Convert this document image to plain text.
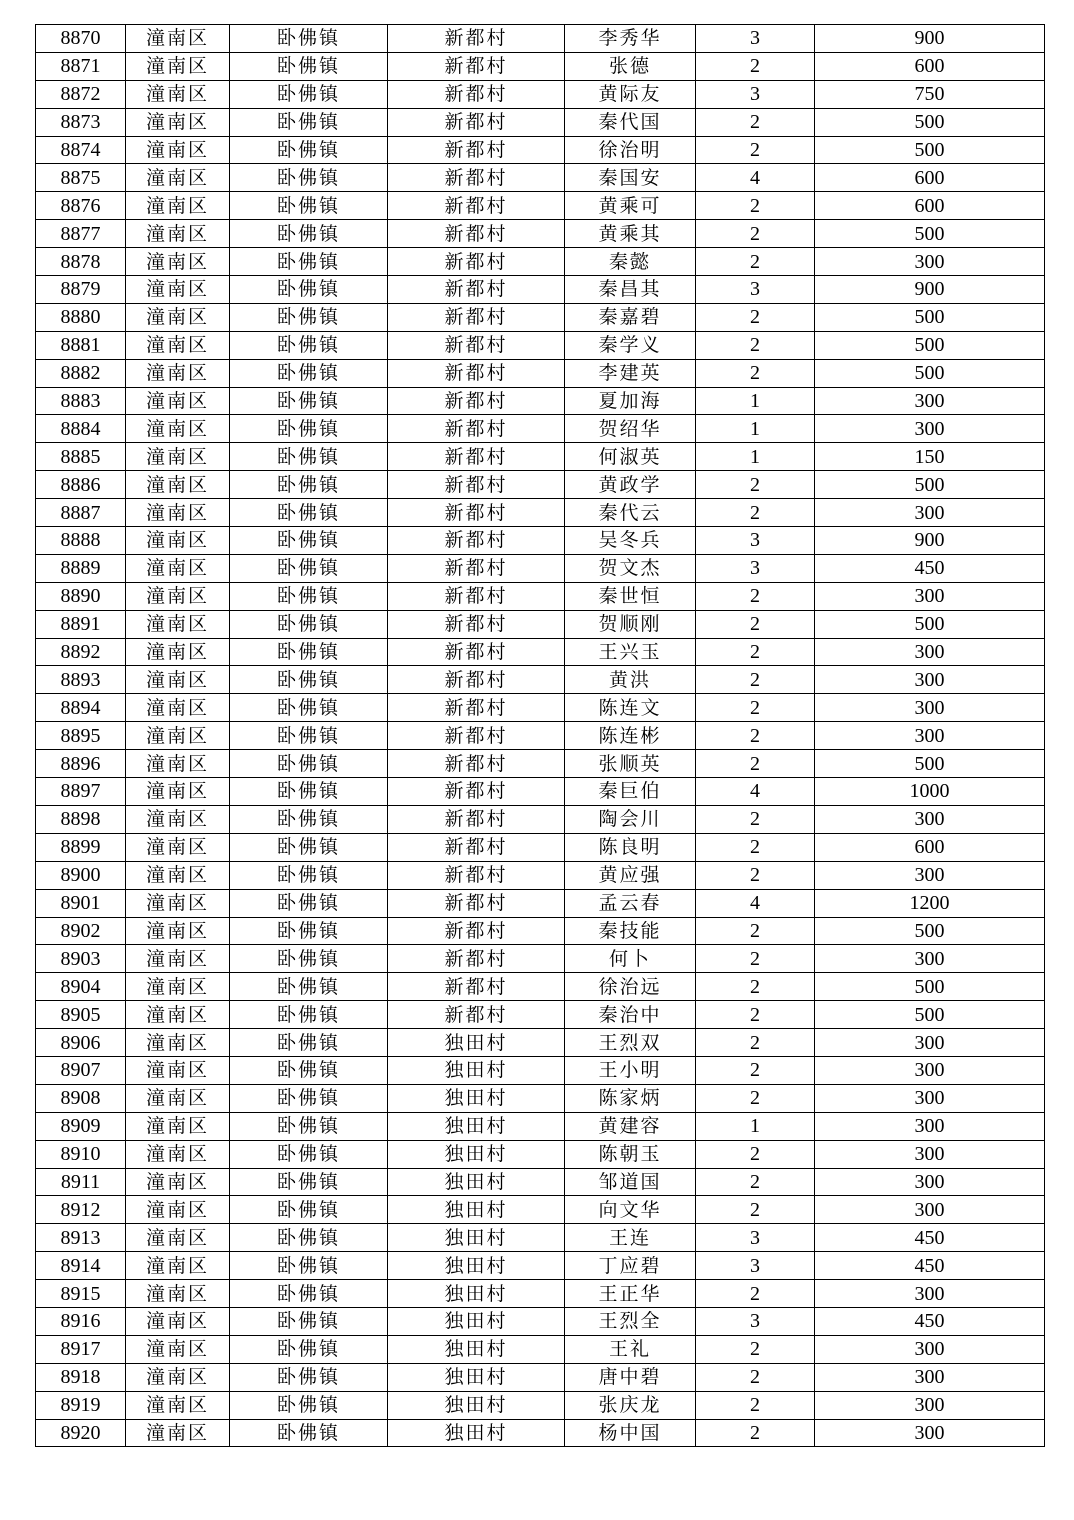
8870	潼南区	卧佛镇	新都村	李秀华	3	900
8871	潼南区	卧佛镇	新都村	张德	2	600
8872	潼南区	卧佛镇	新都村	黄际友	3	750
8873	潼南区	卧佛镇	新都村	秦代国	2	500
8874	潼南区	卧佛镇	新都村	徐治明	2	500
8875	潼南区	卧佛镇	新都村	秦国安	4	600
8876	潼南区	卧佛镇	新都村	黄乘可	2	600
8877	潼南区	卧佛镇	新都村	黄乘其	2	500
8878	潼南区	卧佛镇	新都村	秦懿	2	300
8879	潼南区	卧佛镇	新都村	秦昌其	3	900
8880	潼南区	卧佛镇	新都村	秦嘉碧	2	500
8881	潼南区	卧佛镇	新都村	秦学义	2	500
8882	潼南区	卧佛镇	新都村	李建英	2	500
8883	潼南区	卧佛镇	新都村	夏加海	1	300
8884	潼南区	卧佛镇	新都村	贺绍华	1	300
8885	潼南区	卧佛镇	新都村	何淑英	1	150
8886	潼南区	卧佛镇	新都村	黄政学	2	500
8887	潼南区	卧佛镇	新都村	秦代云	2	300
8888	潼南区	卧佛镇	新都村	吴冬兵	3	900
8889	潼南区	卧佛镇	新都村	贺文杰	3	450
8890	潼南区	卧佛镇	新都村	秦世恒	2	300
8891	潼南区	卧佛镇	新都村	贺顺刚	2	500
8892	潼南区	卧佛镇	新都村	王兴玉	2	300
8893	潼南区	卧佛镇	新都村	黄洪	2	300
8894	潼南区	卧佛镇	新都村	陈连文	2	300
8895	潼南区	卧佛镇	新都村	陈连彬	2	300
8896	潼南区	卧佛镇	新都村	张顺英	2	500
8897	潼南区	卧佛镇	新都村	秦巨伯	4	1000
8898	潼南区	卧佛镇	新都村	陶会川	2	300
8899	潼南区	卧佛镇	新都村	陈良明	2	600
8900	潼南区	卧佛镇	新都村	黄应强	2	300
8901	潼南区	卧佛镇	新都村	孟云春	4	1200
8902	潼南区	卧佛镇	新都村	秦技能	2	500
8903	潼南区	卧佛镇	新都村	何卜	2	300
8904	潼南区	卧佛镇	新都村	徐治远	2	500
8905	潼南区	卧佛镇	新都村	秦治中	2	500
8906	潼南区	卧佛镇	独田村	王烈双	2	300
8907	潼南区	卧佛镇	独田村	王小明	2	300
8908	潼南区	卧佛镇	独田村	陈家炳	2	300
8909	潼南区	卧佛镇	独田村	黄建容	1	300
8910	潼南区	卧佛镇	独田村	陈朝玉	2	300
8911	潼南区	卧佛镇	独田村	邹道国	2	300
8912	潼南区	卧佛镇	独田村	向文华	2	300
8913	潼南区	卧佛镇	独田村	王连	3	450
8914	潼南区	卧佛镇	独田村	丁应碧	3	450
8915	潼南区	卧佛镇	独田村	王正华	2	300
8916	潼南区	卧佛镇	独田村	王烈全	3	450
8917	潼南区	卧佛镇	独田村	王礼	2	300
8918	潼南区	卧佛镇	独田村	唐中碧	2	300
8919	潼南区	卧佛镇	独田村	张庆龙	2	300
8920	潼南区	卧佛镇	独田村	杨中国	2	300
